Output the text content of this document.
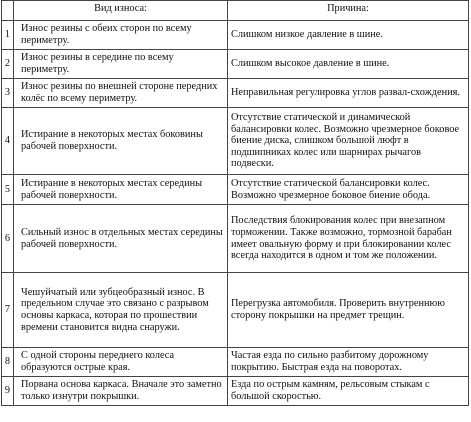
	Вид износа:	Причина:
1	Износ резины с обеих сторон по всему периметру.	Слишком низкое давление в шине.
2	Износ резины в середине по всему периметру.	Слишком высокое давление в шине.
3	Износ резины по внешней стороне передних колёс по всему периметру.	Неправильная регулировка углов развал-схождения.
4	Истирание в некоторых местах боковины рабочей поверхности.	Отсутствие статической и динамической балансировки колес. Возможно чрезмерное боковое биение диска, слишком большой люфт в подшипниках колес или шарнирах рычагов подвески.
5	Истирание в некоторых местах середины рабочей поверхности.	Отсутствие статической балансировки колес. Возможно чрезмерное боковое биение обода.
6	Сильный износ в отдельных местах середины рабочей поверхности.	Последствия блокирования колес при внезапном торможении. Также возможно, тормозной барабан имеет овальную форму и при блокировании колес всегда находится в одном и том же положении.
7	Чешуйчатый или зубцеобразный износ. В предельном случае это связано с разрывом основы каркаса, которая по прошествии времени становится видна снаружи.	Перегрузка автомобиля. Проверить внутреннюю сторону покрышки на предмет трещин.
8	С одной стороны переднего колеса образуются острые края.	Частая езда по сильно разбитому дорожному покрытию. Быстрая езда на поворотах.
9	Порвана основа каркаса. Вначале это заметно только изнутри покрышки.	Езда по острым камням, рельсовым стыкам с большой скоростью.
